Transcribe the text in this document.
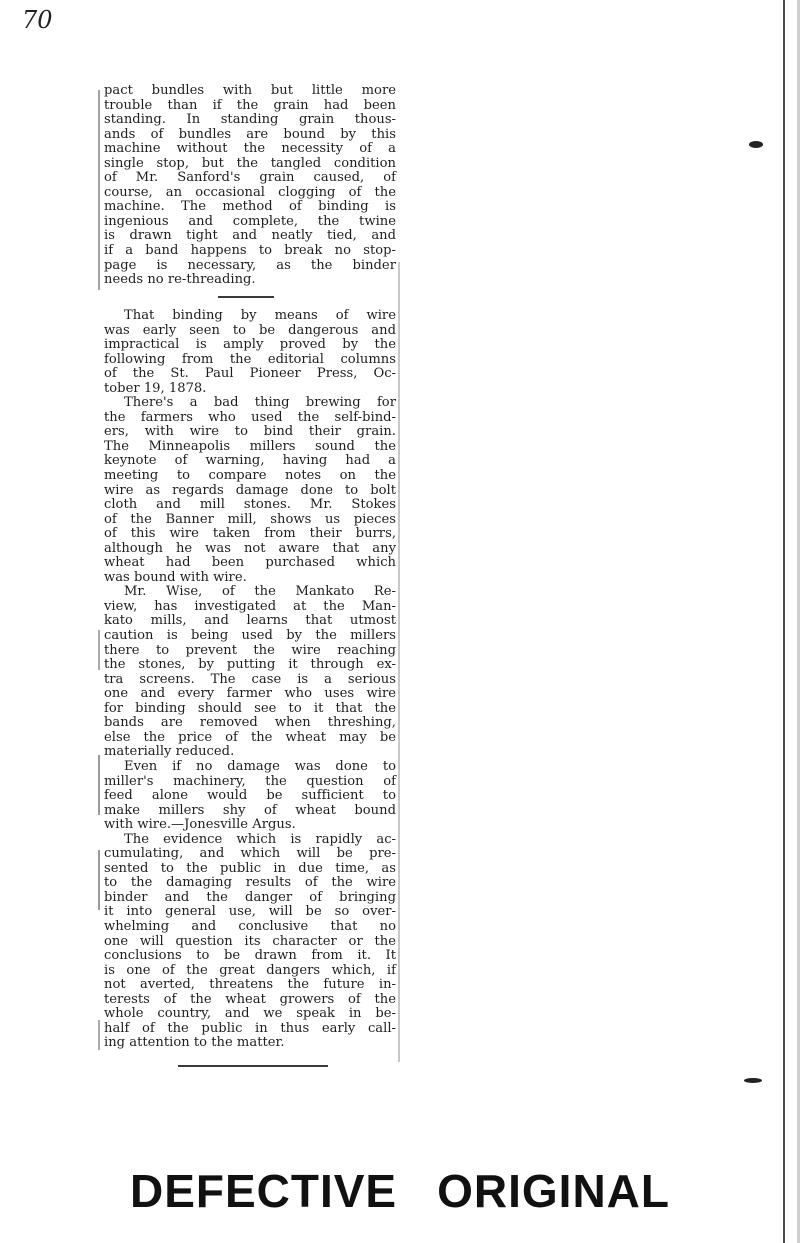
70
pact bundles with but little more
trouble than if the grain had been
standing. In standing grain thous-
ands of bundles are bound by this
machine without the necessity of a
single stop, but the tangled condition
of Mr. Sanford's grain caused, of
course, an occasional clogging of the
machine. The method of binding is
ingenious and complete, the twine
is drawn tight and neatly tied, and
if a band happens to break no stop-
page is necessary, as the binder
needs no re-threading.
That binding by means of wire
was early seen to be dangerous and
impractical is amply proved by the
following from the editorial columns
of the St. Paul Pioneer Press, Oc-
tober 19, 1878.
There's a bad thing brewing for
the farmers who used the self-bind-
ers, with wire to bind their grain.
The Minneapolis millers sound the
keynote of warning, having had a
meeting to compare notes on the
wire as regards damage done to bolt
cloth and mill stones. Mr. Stokes
of the Banner mill, shows us pieces
of this wire taken from their burrs,
although he was not aware that any
wheat had been purchased which
was bound with wire.
Mr. Wise, of the Mankato Re-
view, has investigated at the Man-
kato mills, and learns that utmost
caution is being used by the millers
there to prevent the wire reaching
the stones, by putting it through ex-
tra screens. The case is a serious
one and every farmer who uses wire
for binding should see to it that the
bands are removed when threshing,
else the price of the wheat may be
materially reduced.
Even if no damage was done to
miller's machinery, the question of
feed alone would be sufficient to
make millers shy of wheat bound
with wire.—Jonesville Argus.
The evidence which is rapidly ac-
cumulating, and which will be pre-
sented to the public in due time, as
to the damaging results of the wire
binder and the danger of bringing
it into general use, will be so over-
whelming and conclusive that no
one will question its character or the
conclusions to be drawn from it. It
is one of the great dangers which, if
not averted, threatens the future in-
terests of the wheat growers of the
whole country, and we speak in be-
half of the public in thus early call-
ing attention to the matter.
DEFECTIVE ORIGINAL
